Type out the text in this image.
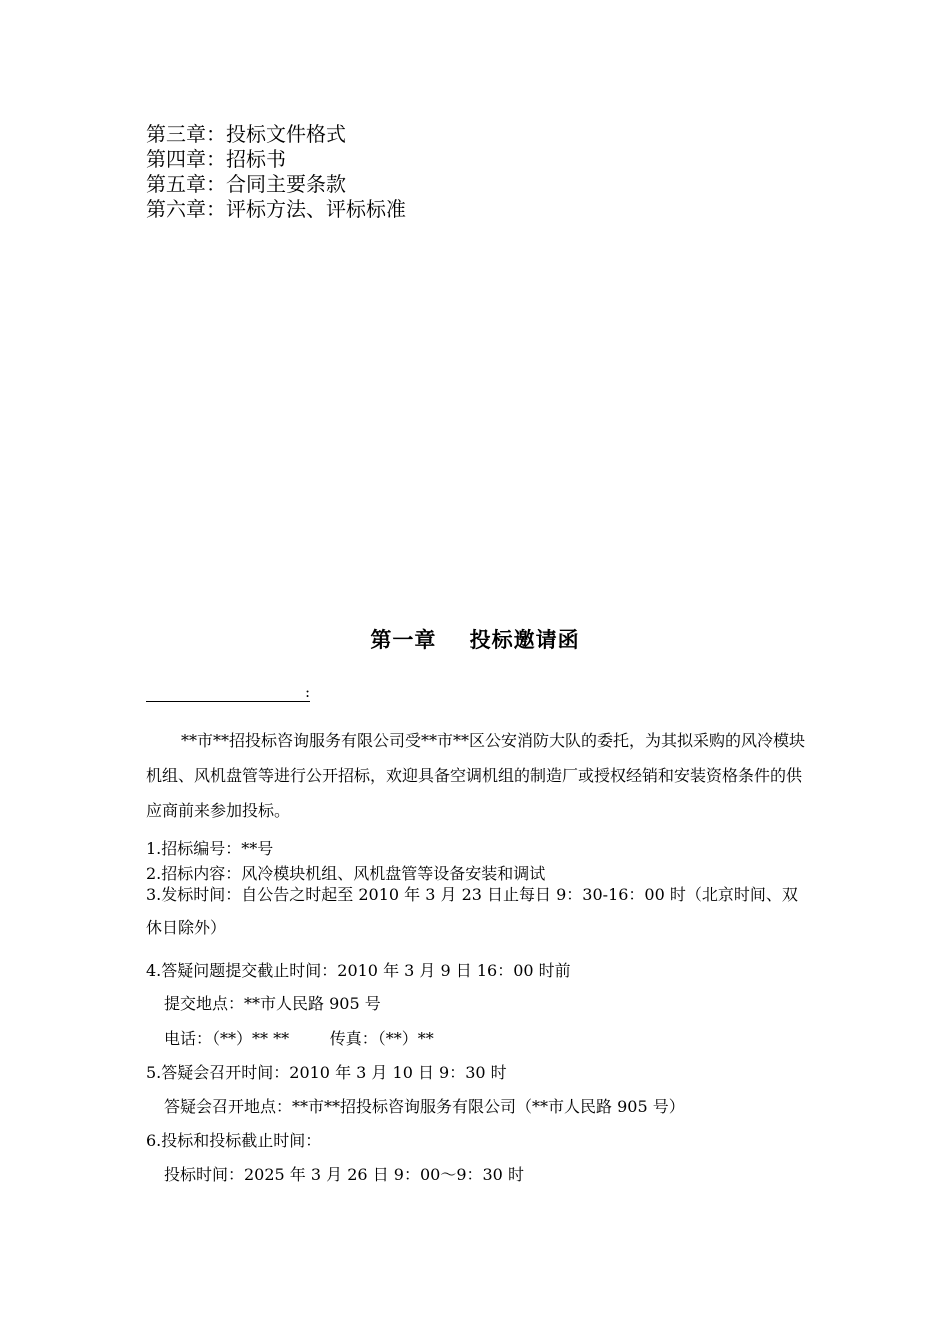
第三章：投标文件格式
第四章：招标书
第五章：合同主要条款
第六章：评标方法、评标标准
第一章    投标邀请函
:
**市**招投标咨询服务有限公司受**市**区公安消防大队的委托，为其拟采购的风冷模块机组、风机盘管等进行公开招标，欢迎具备空调机组的制造厂或授权经销和安装资格条件的供应商前来参加投标。
1.招标编号：**号
2.招标内容：风冷模块机组、风机盘管等设备安装和调试
3.发标时间：自公告之时起至 2010 年 3 月 23 日止每日 9：30-16：00 时（北京时间、双休日除外）
4.答疑问题提交截止时间：2010 年 3 月 9 日 16：00 时前
提交地点：**市人民路 905 号
电话：（**）** **        传真：（**）**
5.答疑会召开时间：2010 年 3 月 10 日 9：30 时
答疑会召开地点：**市**招投标咨询服务有限公司（**市人民路 905 号）
6.投标和投标截止时间：
投标时间：2025 年 3 月 26 日 9：00～9：30 时
